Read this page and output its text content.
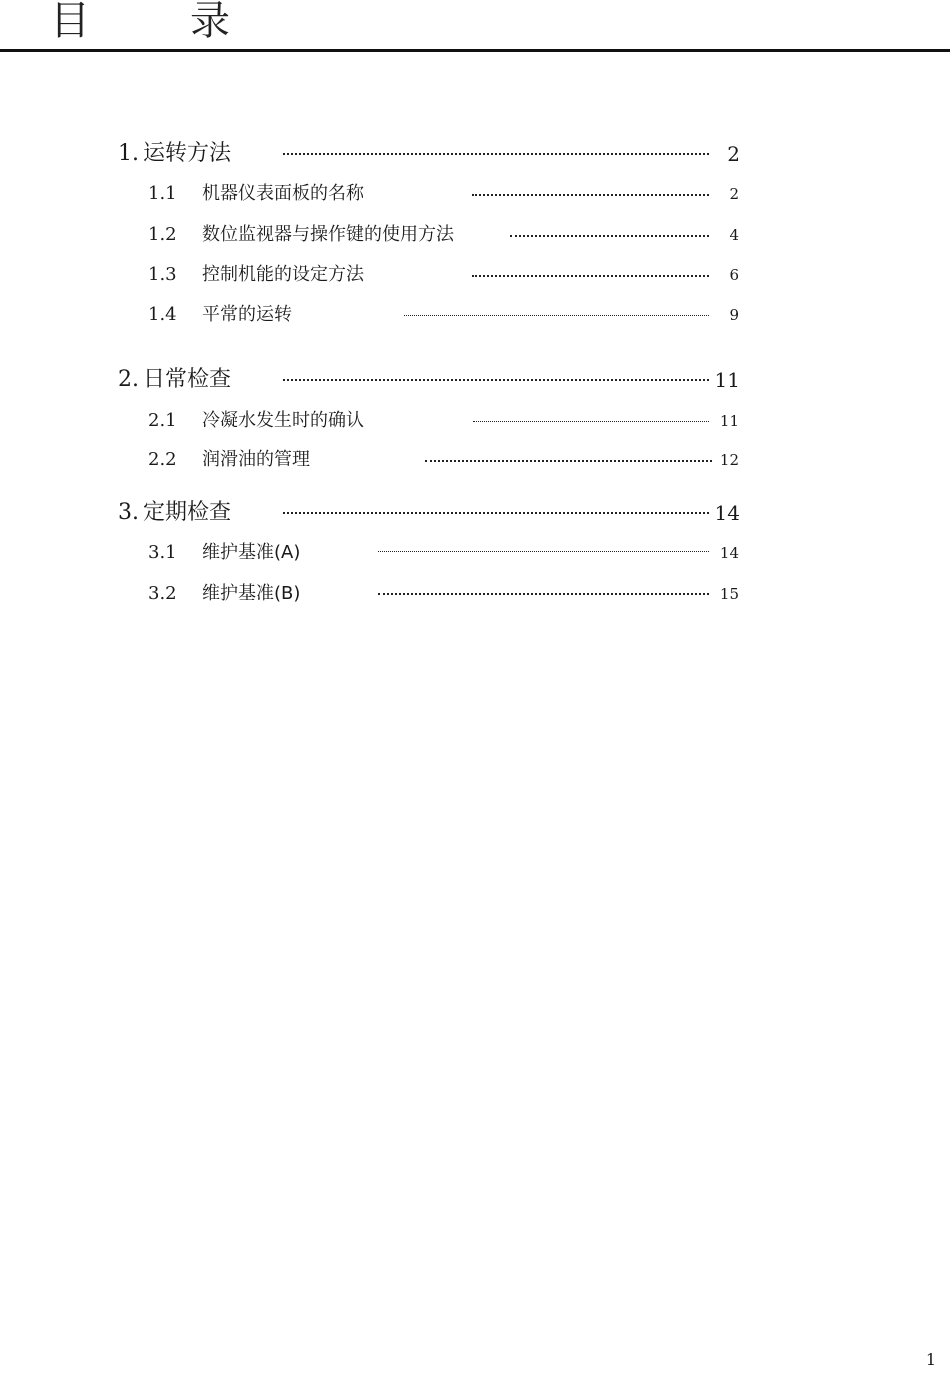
目　录
1. 运转方法	2
1.1 机器仪表面板的名称	2
1.2 数位监视器与操作键的使用方法	4
1.3 控制机能的设定方法	6
1.4 平常的运转	9
2. 日常检查	11
2.1 冷凝水发生时的确认	11
2.2 润滑油的管理	12
3. 定期检查	14
3.1 维护基准(A)	14
3.2 维护基准(B)	15
1
